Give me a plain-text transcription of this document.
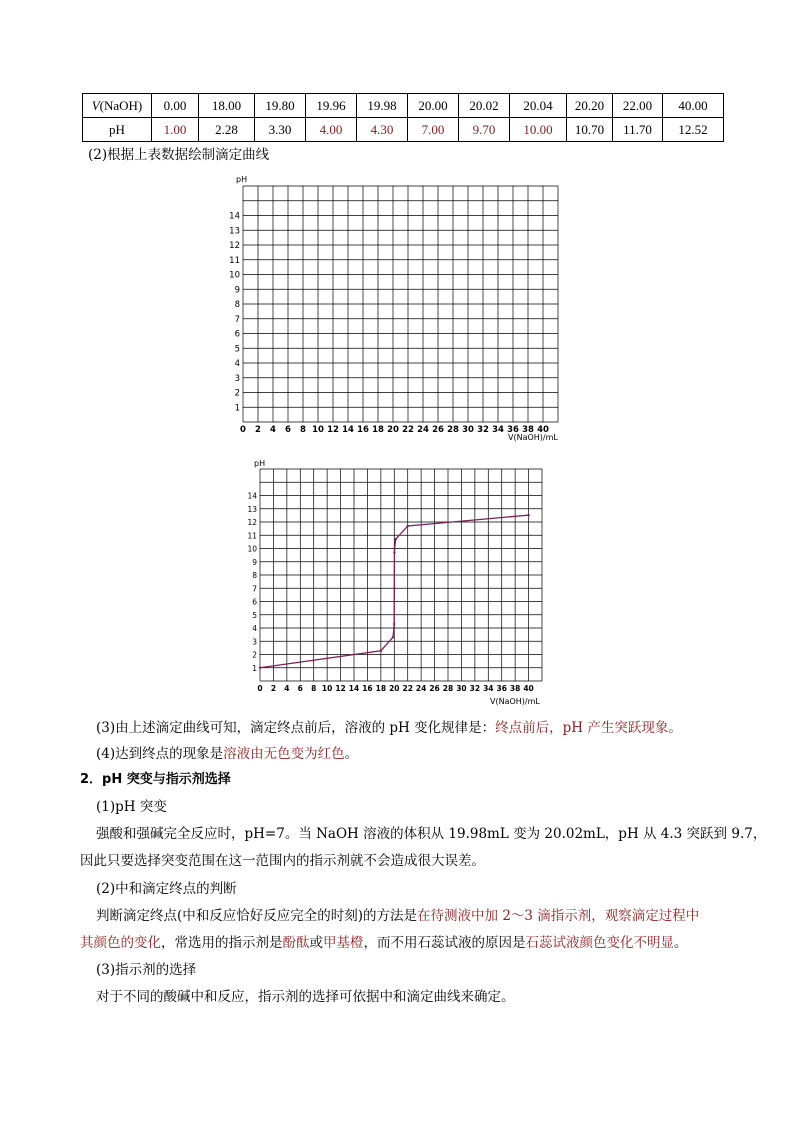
V(NaOH)	0.00	18.00	19.80	19.96	19.98	20.00	20.02	20.04	20.20	22.00	40.00
pH	1.00	2.28	3.30	4.00	4.30	7.00	9.70	10.00	10.70	11.70	12.52
(2)根据上表数据绘制滴定曲线
pH
1
2
3
4
5
6
7
8
9
10
11
12
13
14
0 2 4 6 8 10 12 14 16 18 20 22 24 26 28 30 32 34 36 38 40
V(NaOH)/mL
pH
1
2
3
4
5
6
7
8
9
10
11
12
13
14
0 2 4 6 8 10 12 14 16 18 20 22 24 26 28 30 32 34 36 38 40
V(NaOH)/mL
(3)由上述滴定曲线可知，滴定终点前后，溶液的 pH 变化规律是：终点前后，pH 产生突跃现象。
(4)达到终点的现象是溶液由无色变为红色。
2．pH 突变与指示剂选择
(1)pH 突变
强酸和强碱完全反应时，pH=7。当 NaOH 溶液的体积从 19.98mL 变为 20.02mL，pH 从 4.3 突跃到 9.7，
因此只要选择突变范围在这一范围内的指示剂就不会造成很大误差。
(2)中和滴定终点的判断
判断滴定终点(中和反应恰好反应完全的时刻)的方法是在待测液中加 2～3 滴指示剂，观察滴定过程中
其颜色的变化，常选用的指示剂是酚酞或甲基橙，而不用石蕊试液的原因是石蕊试液颜色变化不明显。
(3)指示剂的选择
对于不同的酸碱中和反应，指示剂的选择可依据中和滴定曲线来确定。
